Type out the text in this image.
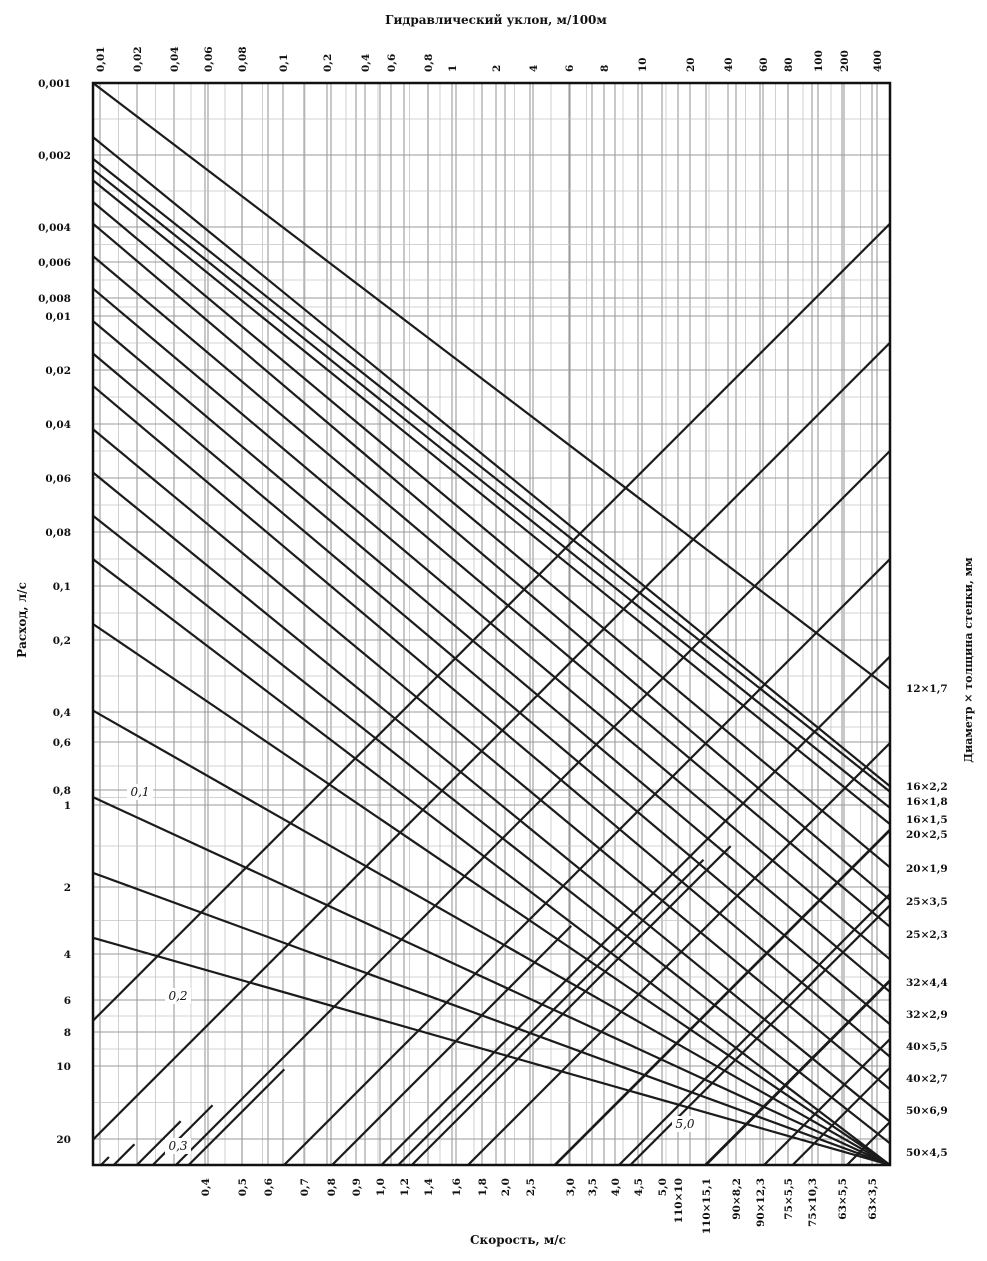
0,01 0,02 0,04 0,06 0,08	0,1	0,2 0,4 0,6 0,8 1	2 4 6 8 10	20 40 60 80 100 200 400
0,001
0,002
0,004
0,006
0,008
0,01
0,02
0,04
0,06
0,08
0,1
0,2
0,4
0,6
0,8
1
2
4
6
8
10
20
0,4 0,5 0,6 0,7 0,8 0,9 1,0 1,2 1,4 1,6 1,8 2,0 2,5	3,0 3,5 4,0 4,5 5,0 110×10 110×15,1 90×8,2 90×12,3 75×5,5 75×10,3 63×5,5 63×3,5
12×1,7
16×2,2
16×1,8
16×1,5
20×2,5
20×1,9
25×3,5
25×2,3
32×4,4
32×2,9
40×5,5
40×2,7
50×6,9
50×4,5
0,1
0,2
0,3
5,0
Гидравлический уклон, м/100м
Скорость, м/с
Расход, л/с	Диаметр × толщина стенки, мм
